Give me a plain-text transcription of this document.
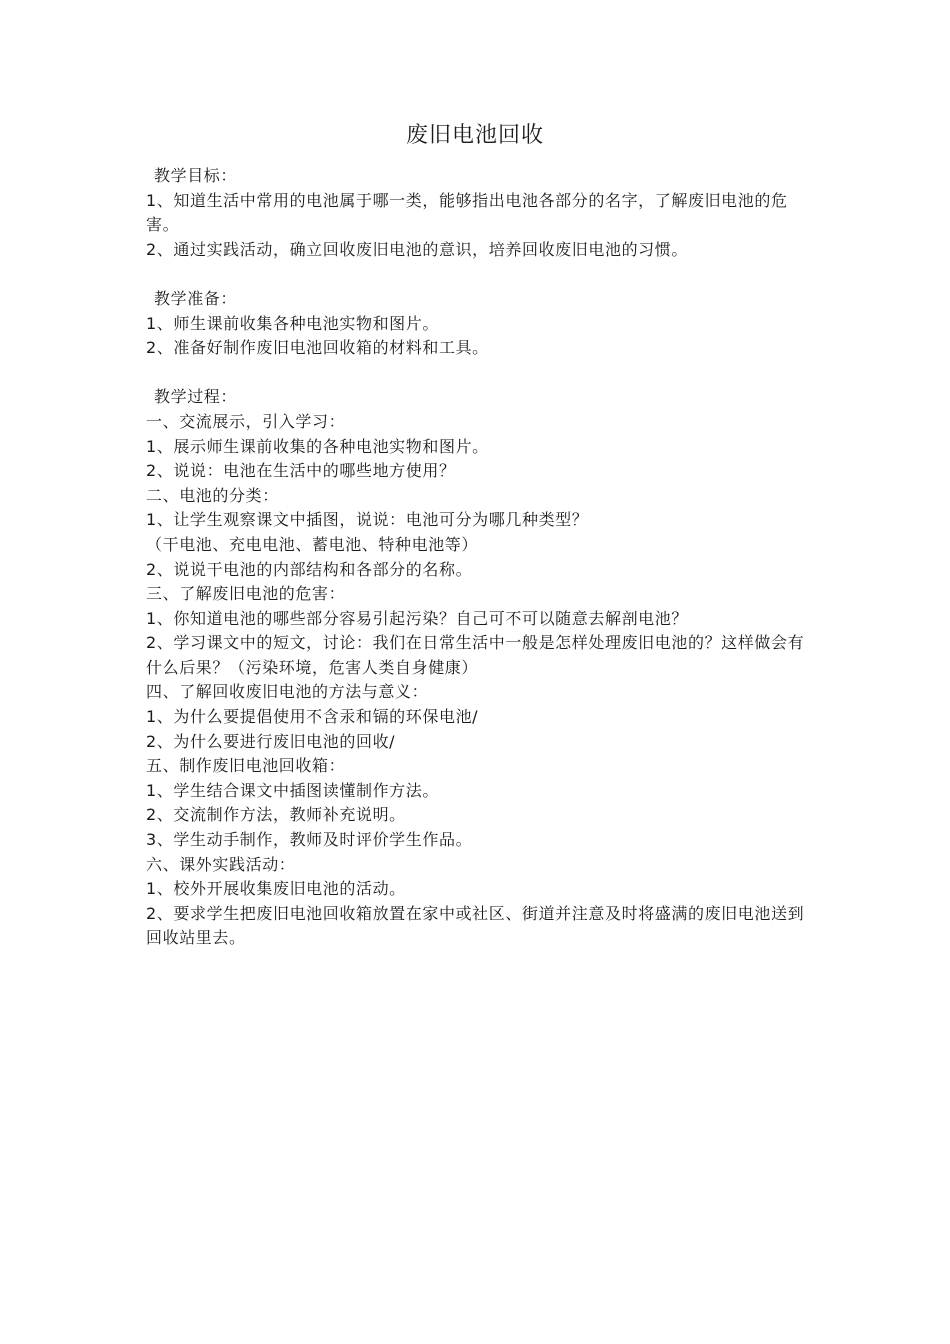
废旧电池回收
教学目标：
1、知道生活中常用的电池属于哪一类，能够指出电池各部分的名字，了解废旧电池的危害。
2、通过实践活动，确立回收废旧电池的意识，培养回收废旧电池的习惯。
教学准备：
1、师生课前收集各种电池实物和图片。
2、准备好制作废旧电池回收箱的材料和工具。
教学过程：
一、交流展示，引入学习：
1、展示师生课前收集的各种电池实物和图片。
2、说说：电池在生活中的哪些地方使用？
二、电池的分类：
1、让学生观察课文中插图，说说：电池可分为哪几种类型？
（干电池、充电电池、蓄电池、特种电池等）
2、说说干电池的内部结构和各部分的名称。
三、了解废旧电池的危害：
1、你知道电池的哪些部分容易引起污染？自己可不可以随意去解剖电池？
2、学习课文中的短文，讨论：我们在日常生活中一般是怎样处理废旧电池的？这样做会有什么后果？（污染环境，危害人类自身健康）
四、了解回收废旧电池的方法与意义：
1、为什么要提倡使用不含汞和镉的环保电池/
2、为什么要进行废旧电池的回收/
五、制作废旧电池回收箱：
1、学生结合课文中插图读懂制作方法。
2、交流制作方法，教师补充说明。
3、学生动手制作，教师及时评价学生作品。
六、课外实践活动：
1、校外开展收集废旧电池的活动。
2、要求学生把废旧电池回收箱放置在家中或社区、街道并注意及时将盛满的废旧电池送到回收站里去。
